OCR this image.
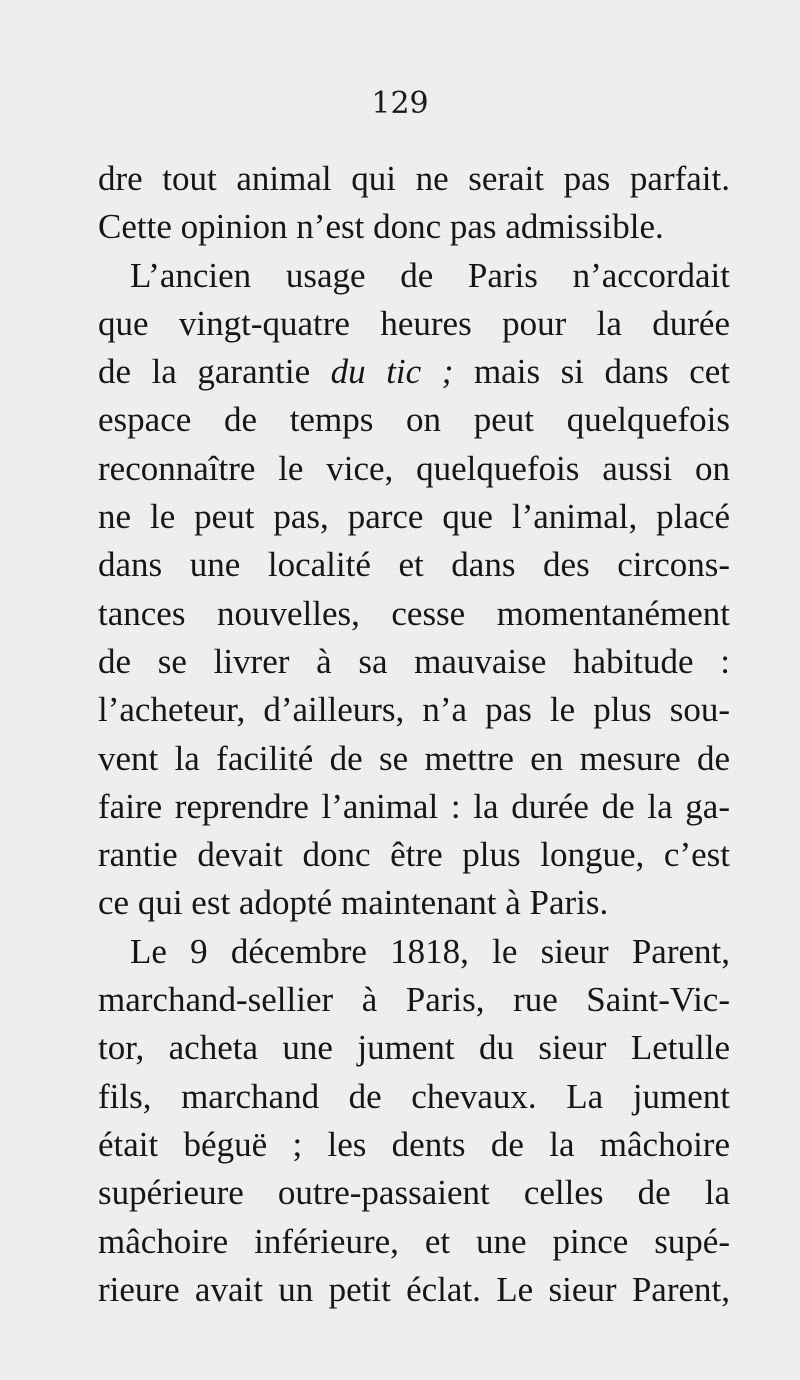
129
dre tout animal qui ne serait pas parfait.
Cette opinion n’est donc pas admissible.
L’ancien usage de Paris n’accordait
que vingt-quatre heures pour la durée
de la garantie du tic ; mais si dans cet
espace de temps on peut quelquefois
reconnaître le vice, quelquefois aussi on
ne le peut pas, parce que l’animal, placé
dans une localité et dans des circons-
tances nouvelles, cesse momentanément
de se livrer à sa mauvaise habitude :
l’acheteur, d’ailleurs, n’a pas le plus sou-
vent la facilité de se mettre en mesure de
faire reprendre l’animal : la durée de la ga-
rantie devait donc être plus longue, c’est
ce qui est adopté maintenant à Paris.
Le 9 décembre 1818, le sieur Parent,
marchand-sellier à Paris, rue Saint-Vic-
tor, acheta une jument du sieur Letulle
fils, marchand de chevaux. La jument
était béguë ; les dents de la mâchoire
supérieure outre-passaient celles de la
mâchoire inférieure, et une pince supé-
rieure avait un petit éclat. Le sieur Parent,
